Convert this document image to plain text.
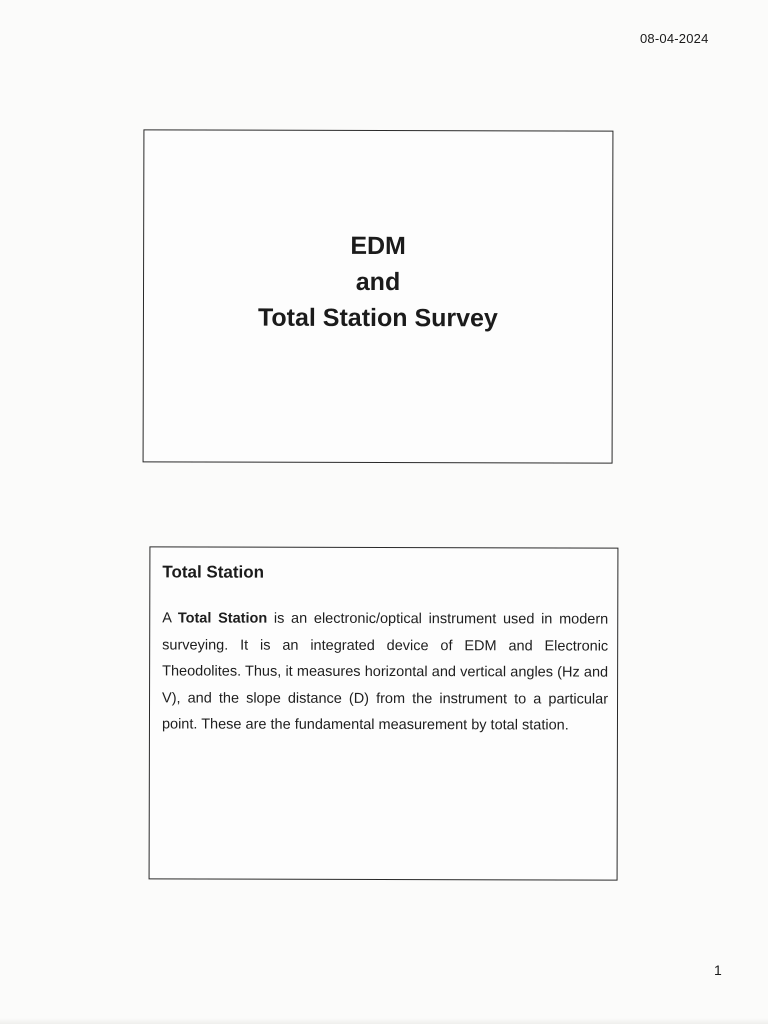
08-04-2024
EDM
and
Total Station Survey
Total Station
A Total Station is an electronic/optical instrument used in modern surveying. It is an integrated device of EDM and Electronic Theodolites. Thus, it measures horizontal and vertical angles (Hz and V), and the slope distance (D) from the instrument to a particular point. These are the fundamental measurement by total station.
1
